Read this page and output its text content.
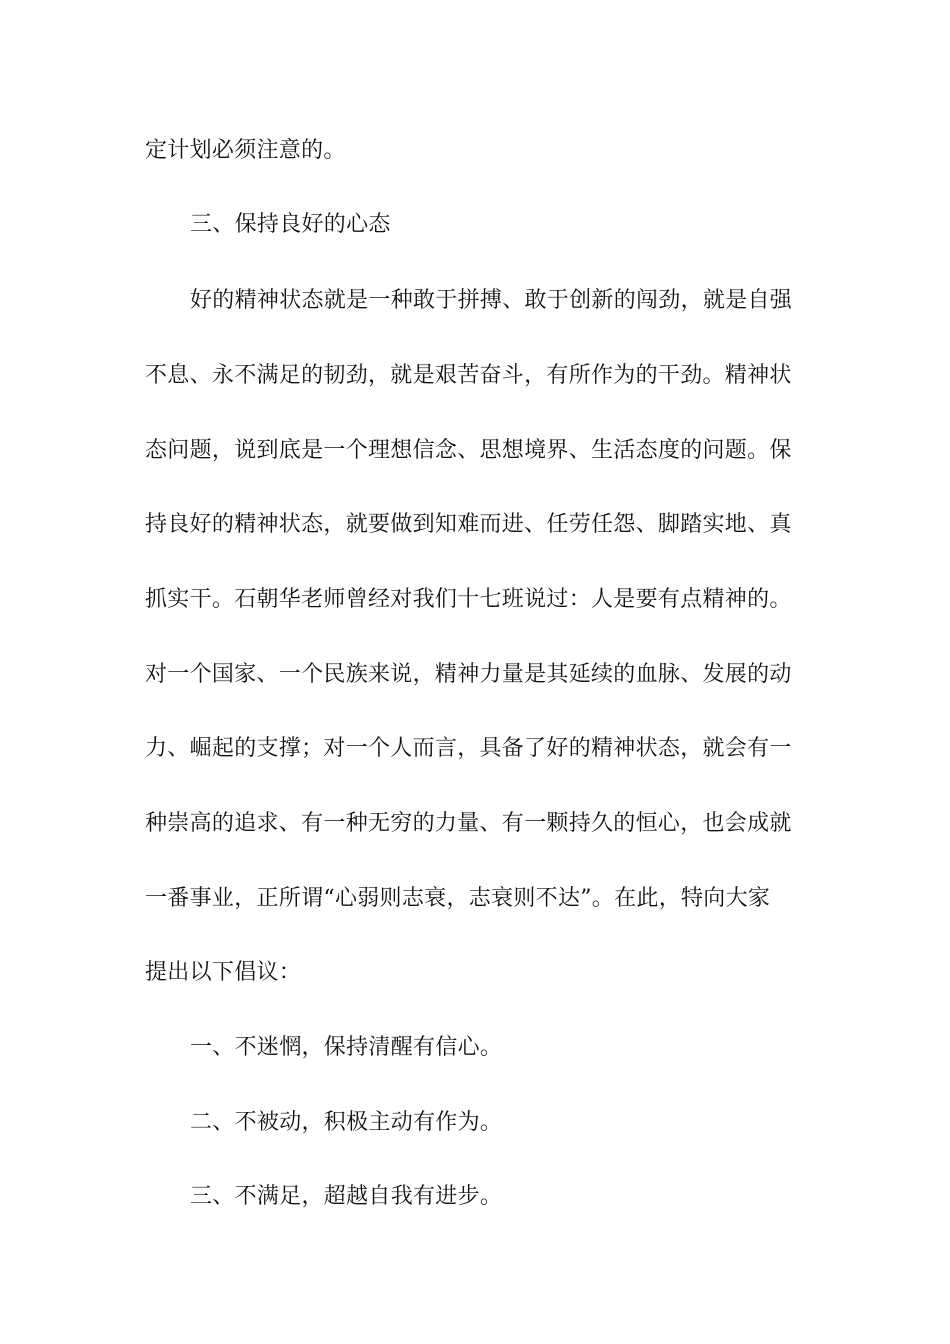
定计划必须注意的。
三、保持良好的心态
好的精神状态就是一种敢于拼搏、敢于创新的闯劲，就是自强
不息、永不满足的韧劲，就是艰苦奋斗，有所作为的干劲。精神状
态问题，说到底是一个理想信念、思想境界、生活态度的问题。保
持良好的精神状态，就要做到知难而进、任劳任怨、脚踏实地、真
抓实干。石朝华老师曾经对我们十七班说过：人是要有点精神的。
对一个国家、一个民族来说，精神力量是其延续的血脉、发展的动
力、崛起的支撑；对一个人而言，具备了好的精神状态，就会有一
种崇高的追求、有一种无穷的力量、有一颗持久的恒心，也会成就
一番事业，正所谓“心弱则志衰，志衰则不达”。在此，特向大家
提出以下倡议：
一、不迷惘，保持清醒有信心。
二、不被动，积极主动有作为。
三、不满足，超越自我有进步。
